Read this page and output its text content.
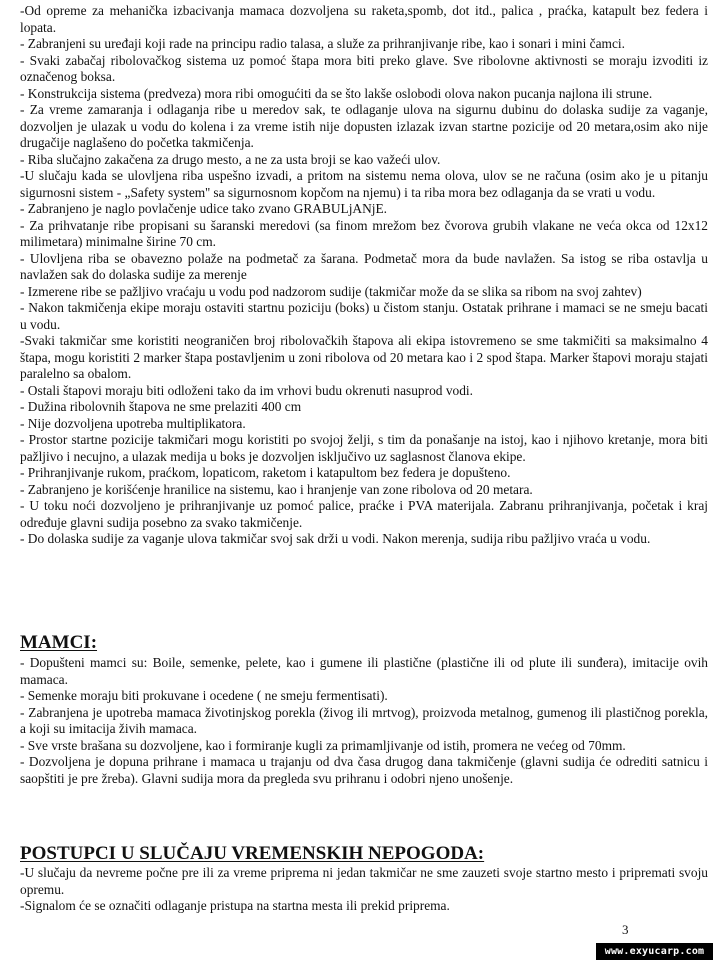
-Od opreme za mehanička izbacivanja mamaca dozvoljena su raketa,spomb, dot itd., palica , praćka, katapult bez federa i lopata.

- Zabranjeni su uređaji koji rade na principu radio talasa, a služe za prihranjivanje ribe, kao i sonari i mini čamci.

- Svaki zabačaj ribolovačkog sistema uz pomoć štapa mora biti preko glave. Sve ribolovne aktivnosti se moraju izvoditi iz označenog boksa.

- Konstrukcija sistema (predveza) mora ribi omogućiti da se što lakše oslobodi olova nakon pucanja najlona ili strune.

- Za vreme zamaranja i odlaganja ribe u meredov sak, te odlaganje ulova na sigurnu dubinu do dolaska sudije za vaganje, dozvoljen je ulazak u vodu do kolena i za vreme istih nije dopusten izlazak izvan startne pozicije od 20 metara,osim ako nije drugačije naglašeno do početka takmičenja.

- Riba slučajno zakačena za drugo mesto, a ne za usta broji se kao važeći ulov.

-U slučaju kada se ulovljena riba uspešno izvadi, a pritom na sistemu nema olova, ulov se ne računa (osim ako je u pitanju sigurnosni sistem - „Safety system'' sa sigurnosnom kopčom na njemu) i ta riba mora bez odlaganja da se vrati u vodu.

- Zabranjeno je naglo povlačenje udice tako zvano GRABULjANjE.

- Za prihvatanje ribe propisani su šaranski meredovi (sa finom mrežom bez čvorova grubih vlakane ne veća okca od 12x12 milimetara) minimalne širine 70 cm.

- Ulovljena riba se obavezno polaže na podmetač za šarana. Podmetač mora da bude navlažen. Sa istog se riba ostavlja u navlažen sak do dolaska sudije za merenje

- Izmerene ribe se pažljivo vraćaju u vodu pod nadzorom sudije (takmičar može da se slika sa ribom na svoj zahtev)

- Nakon takmičenja ekipe moraju ostaviti startnu poziciju (boks) u čistom stanju. Ostatak prihrane i mamaci se ne smeju bacati u vodu.

-Svaki takmičar sme koristiti neograničen broj ribolovačkih štapova ali ekipa istovremeno se sme takmičiti sa maksimalno 4 štapa, mogu koristiti 2 marker štapa postavljenim u zoni ribolova od 20 metara kao i 2 spod štapa. Marker štapovi moraju stajati paralelno sa obalom.

- Ostali štapovi moraju biti odloženi tako da im vrhovi budu okrenuti nasuprod vodi.

- Dužina ribolovnih štapova ne sme prelaziti 400 cm

- Nije dozvoljena upotreba multiplikatora.

- Prostor startne pozicije takmičari mogu koristiti po svojoj želji, s tim da ponašanje na istoj, kao i njihovo kretanje, mora biti pažljivo i necujno, a ulazak medija u boks je dozvoljen isključivo uz saglasnost članova ekipe.

- Prihranjivanje rukom, praćkom, lopaticom, raketom i katapultom bez federa je dopušteno.

- Zabranjeno je korišćenje hranilice na sistemu, kao i hranjenje van zone ribolova od 20 metara.

- U toku noći dozvoljeno je prihranjivanje uz pomoć palice, praćke i PVA materijala. Zabranu prihranjivanja, početak i kraj određuje glavni sudija posebno za svako takmičenje.

- Do dolaska sudije za vaganje ulova takmičar svoj sak drži u vodi. Nakon merenja, sudija ribu pažljivo vraća u vodu.

MAMCI:

- Dopušteni mamci su: Boile, semenke, pelete, kao i gumene ili plastične (plastične ili od plute ili sunđera), imitacije ovih mamaca.

- Semenke moraju biti prokuvane i ocedene ( ne smeju fermentisati).

- Zabranjena je upotreba mamaca životinjskog porekla (živog ili mrtvog), proizvoda metalnog, gumenog ili plastičnog porekla, a koji su imitacija živih mamaca.

- Sve vrste brašana su dozvoljene, kao i formiranje kugli za primamljivanje od istih, promera ne većeg od 70mm.

- Dozvoljena je dopuna prihrane i mamaca u trajanju od dva časa drugog dana takmičenje (glavni sudija će odrediti satnicu i saopštiti je pre žreba). Glavni sudija mora da pregleda svu prihranu i odobri njeno unošenje.

POSTUPCI U SLUČAJU VREMENSKIH NEPOGODA:

-U slučaju da nevreme počne pre ili za vreme priprema ni jedan takmičar ne sme zauzeti svoje startno mesto i pripremati svoju opremu.

-Signalom će se označiti odlaganje pristupa na startna mesta ili prekid priprema.

3
www.exyucarp.com
